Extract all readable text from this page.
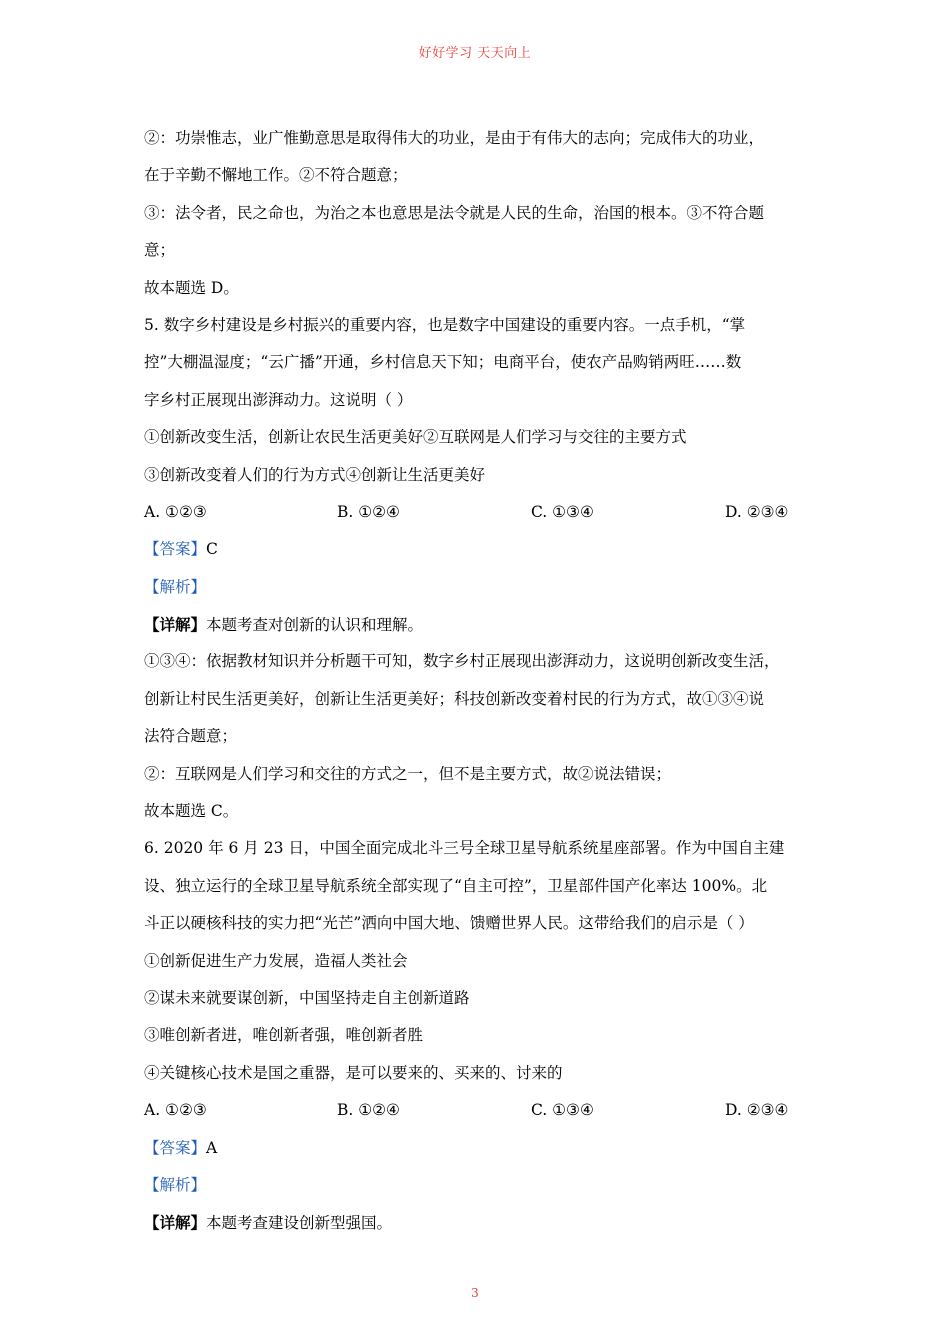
好好学习 天天向上
②：功崇惟志，业广惟勤意思是取得伟大的功业，是由于有伟大的志向；完成伟大的功业，
在于辛勤不懈地工作。②不符合题意；
③：法令者，民之命也，为治之本也意思是法令就是人民的生命，治国的根本。③不符合题
意；
故本题选 D。
5. 数字乡村建设是乡村振兴的重要内容，也是数字中国建设的重要内容。一点手机，“掌
控”大棚温湿度；“云广播”开通，乡村信息天下知；电商平台，使农产品购销两旺……数
字乡村正展现出澎湃动力。这说明（ ）
①创新改变生活，创新让农民生活更美好②互联网是人们学习与交往的主要方式
③创新改变着人们的行为方式④创新让生活更美好
A. ①②③	B. ①②④	C. ①③④	D. ②③④
【答案】C
【解析】
【详解】本题考查对创新的认识和理解。
①③④：依据教材知识并分析题干可知，数字乡村正展现出澎湃动力，这说明创新改变生活，
创新让村民生活更美好，创新让生活更美好；科技创新改变着村民的行为方式，故①③④说
法符合题意；
②：互联网是人们学习和交往的方式之一，但不是主要方式，故②说法错误；
故本题选 C。
6. 2020 年 6 月 23 日，中国全面完成北斗三号全球卫星导航系统星座部署。作为中国自主建
设、独立运行的全球卫星导航系统全部实现了“自主可控”，卫星部件国产化率达 100%。北
斗正以硬核科技的实力把“光芒”洒向中国大地、馈赠世界人民。这带给我们的启示是（ ）
①创新促进生产力发展，造福人类社会
②谋未来就要谋创新，中国坚持走自主创新道路
③唯创新者进，唯创新者强，唯创新者胜
④关键核心技术是国之重器，是可以要来的、买来的、讨来的
A. ①②③	B. ①②④	C. ①③④	D. ②③④
【答案】A
【解析】
【详解】本题考查建设创新型强国。
3
